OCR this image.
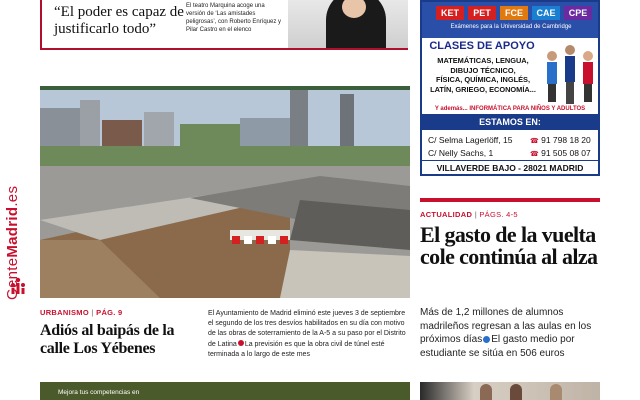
GenteMadrid.es
“El poder es capaz de justificarlo todo”
El teatro Marquina acoge una versión de ‘Las amistades peligrosas’, con Roberto Enríquez y Pilar Castro en el elenco
KET	PET	FCE	CAE	CPE
Exámenes para la Universidad de Cambridge
CLASES DE APOYO
MATEMÁTICAS, LENGUA,
DIBUJO TÉCNICO,
FÍSICA, QUÍMICA, INGLÉS,
LATÍN, GRIEGO, ECONOMÍA...
Y además... INFORMÁTICA PARA NIÑOS Y ADULTOS
ESTAMOS EN:
C/ Selma Lagerlöff, 15	☎ 91 798 18 20
C/ Nelly Sachs, 1	☎ 91 505 08 07
VILLAVERDE BAJO - 28021 MADRID
ACTUALIDAD | PÁGS. 4-5
El gasto de la vuelta cole continúa al alza
Más de 1,2 millones de alumnos madrileños regresan a las aulas en los próximos días El gasto medio por estudiante se sitúa en 506 euros
URBANISMO | PÁG. 9
Adiós al baipás de la calle Los Yébenes
El Ayuntamiento de Madrid eliminó este jueves 3 de septiembre el segundo de los tres desvíos habilitados en su día con motivo de las obras de soterramiento de la A-5 a su paso por el Distrito de Latina La previsión es que la obra civil de túnel esté terminada a lo largo de este mes
Mejora tus competencias en
